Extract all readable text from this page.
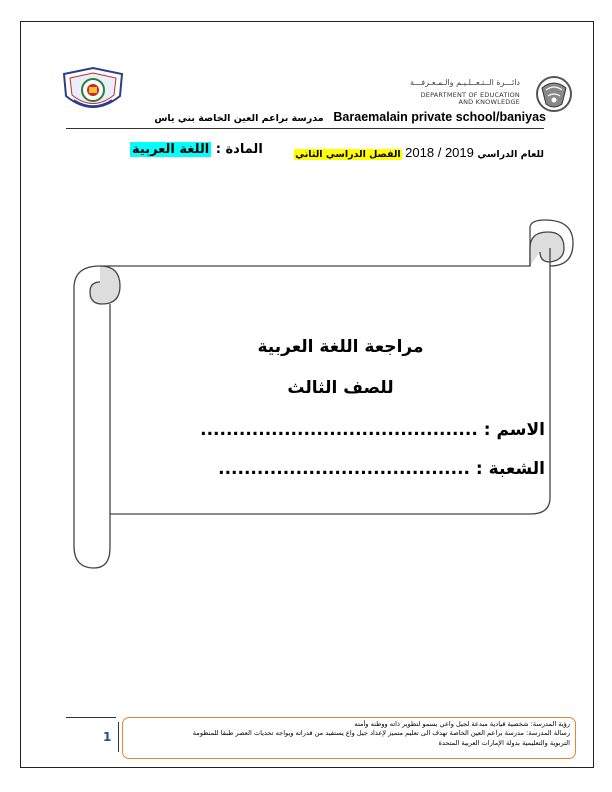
دائـــرة الــتـعــلـيـم والـمـعـرفـــة
DEPARTMENT OF EDUCATION
AND KNOWLEDGE
مدرسة براعم العين الخاصة بني ياس Baraemalain private school/baniyas
للعام الدراسي 2019 / 2018 الفصل الدراسي الثاني
المادة : اللغة العربية
مراجعة اللغة العربية
للصف الثالث
الاسم : ...........................................
الشعبة : .......................................
1
رؤية المدرسة: شخصية قيادية مبدعة لجيل واعي يسمو لتطوير ذاته ووطنه وأمته
رسالة المدرسة: مدرسة براعم العين الخاصة تهدف الى تعليم متميز لإعداد جيل واع يستفيد من قدراته ويواجه تحديات العصر طبقا للمنظومة
التربوية والتعليمية بدولة الإمارات العربية المتحدة
